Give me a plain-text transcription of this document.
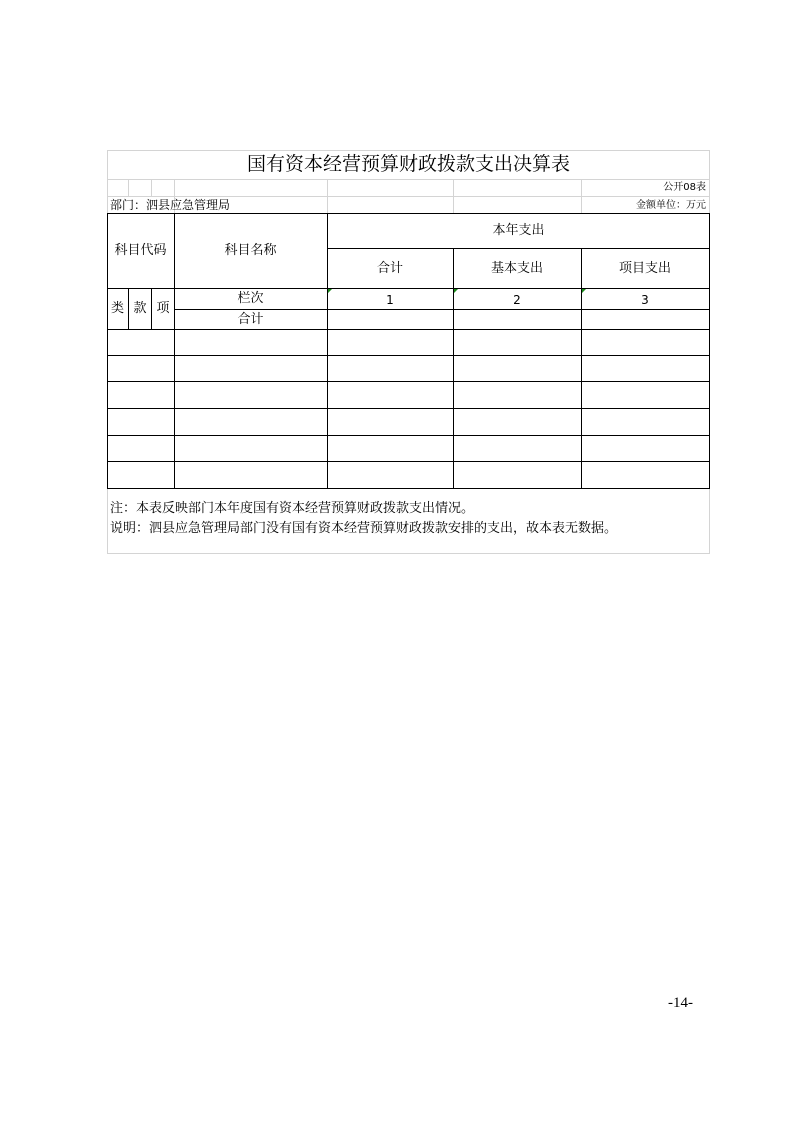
国有资本经营预算财政拨款支出决算表
公开08表
部门：泗县应急管理局	金额单位：万元
科目代码	科目名称
本年支出
合计	基本支出	项目支出
类 款 项
栏次	1	2	3
合计
注：本表反映部门本年度国有资本经营预算财政拨款支出情况。
说明：泗县应急管理局部门没有国有资本经营预算财政拨款安排的支出，故本表无数据。
-14-
